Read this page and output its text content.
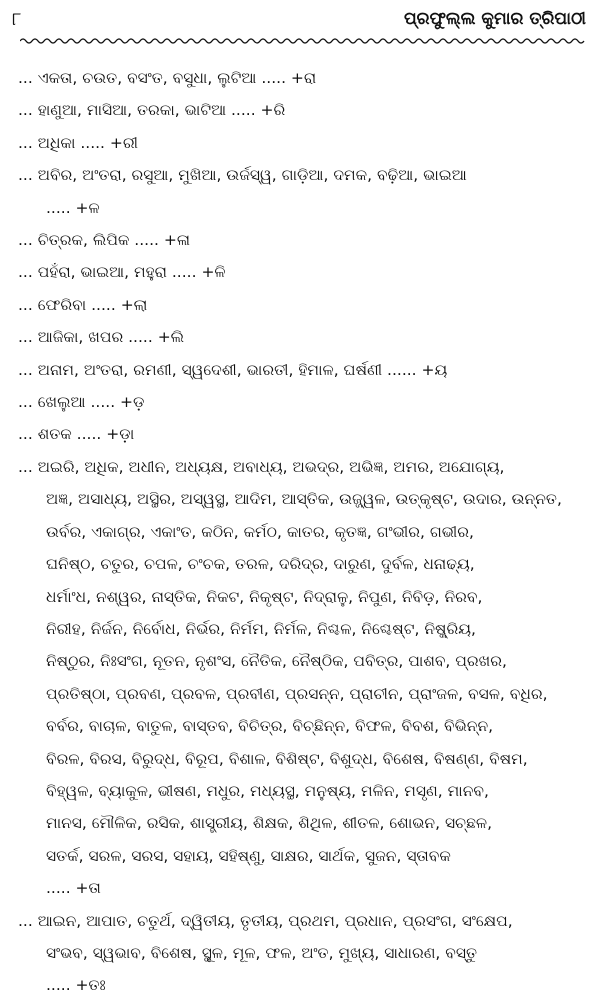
୮	ପ୍ରଫୁଲ୍ଲ କୁମାର ତ୍ରିପାଠୀ
... ଏକତା, ଚଉତ, ବସଂତ, ବସୁଧା, ଲୁଟିଆ ..... +ରା
... ହାଣୁଆ, ମାସିଆ, ତରକା, ଭାଟିଆ ..... +ରି
... ଅଧିକା ..... +ରୀ
... ଅବିର, ଅଂତରା, ରସୁଆ, ମୁଖିଆ, ଉର୍ଜସ୍ୱ, ଗାଡ଼ିଆ, ଦମକ, ବଢ଼ିଆ, ଭାଇଆ
..... +ଳ
... ଚିତ୍ରକ, ଲିପିକ ..... +ଳା
... ପହଁରା, ଭାଇଆ, ମହୁରା ..... +ଳି
... ଫେରିବା ..... +ଲା
... ଆଜିକା, ଖପର ..... +ଲି
... ଅନାମ, ଅଂତରା, ରମଣୀ, ସ୍ୱଦେଶୀ, ଭାରତୀ, ହିମାଳ, ଘର୍ଷଣୀ ...... +ୟ
... ଖେଲୁଆ ..... +ଡ଼
... ଶତକ ..... +ଡ଼ା
... ଅଇରି, ଅଧିକ, ଅଧୀନ, ଅଧ୍ୟକ୍ଷ, ଅବାଧ୍ୟ, ଅଭଦ୍ର, ଅଭିଜ୍ଞ, ଅମର, ଅଯୋଗ୍ୟ,
ଅଜ୍ଞ, ଅସାଧ୍ୟ, ଅସ୍ଥିର, ଅସ୍ୱସ୍ଥ, ଆଦିମ, ଆସ୍ତିକ, ଉଜ୍ଜ୍ୱଳ, ଉତ୍କୃଷ୍ଟ, ଉଦାର, ଉନ୍ନତ,
ଉର୍ବର, ଏକାଗ୍ର, ଏକାଂତ, କଠିନ, କର୍ମଠ, କାତର, କୃତଜ୍ଞ, ଗଂଭୀର, ଗଭୀର,
ଘନିଷ୍ଠ, ଚତୁର, ଚପଳ, ଚଂଚକ, ତରଳ, ଦରିଦ୍ର, ଦାରୁଣ, ଦୁର୍ବଳ, ଧନାଢ୍ୟ,
ଧର୍ମାଂଧ, ନଶ୍ୱର, ନାସ୍ତିକ, ନିକଟ, ନିକୃଷ୍ଟ, ନିଦ୍ରାଳୁ, ନିପୁଣ, ନିବିଡ଼, ନିରବ,
ନିରୀହ, ନିର୍ଜନ, ନିର୍ବୋଧ, ନିର୍ଭର, ନିର୍ମମ, ନିର୍ମଳ, ନିଶ୍ଚଳ, ନିଶ୍ଚେଷ୍ଟ, ନିଷ୍କ୍ରିୟ,
ନିଷ୍ଠୁର, ନିଃସଂଗ, ନୂତନ, ନୃଶଂସ, ନୈତିକ, ନୈଷ୍ଠିକ, ପବିତ୍ର, ପାଶବ, ପ୍ରଖର,
ପ୍ରତିଷ୍ଠା, ପ୍ରବଣ, ପ୍ରବଳ, ପ୍ରବୀଣ, ପ୍ରସନ୍ନ, ପ୍ରାଚୀନ, ପ୍ରାଂଜଳ, ବସଳ, ବଧିର,
ବର୍ବର, ବାଚାଳ, ବାତୁଳ, ବାସ୍ତବ, ବିଚିତ୍ର, ବିଚ୍ଛିନ୍ନ, ବିଫଳ, ବିବଶ, ବିଭିନ୍ନ,
ବିରଳ, ବିରସ, ବିରୁଦ୍ଧ, ବିରୂପ, ବିଶାଳ, ବିଶିଷ୍ଟ, ବିଶୁଦ୍ଧ, ବିଶେଷ, ବିଷଣ୍ଣ, ବିଷମ,
ବିହ୍ୱଳ, ବ୍ୟାକୁଳ, ଭୀଷଣ, ମଧୁର, ମଧ୍ୟସ୍ଥ, ମନୁଷ୍ୟ, ମଳିନ, ମସୃଣ, ମାନବ,
ମାନସ, ମୌଳିକ, ରସିକ, ଶାସ୍ତ୍ରୀୟ, ଶିକ୍ଷକ, ଶିଥିଳ, ଶୀତଳ, ଶୋଭନ, ସଚ୍ଛଳ,
ସତର୍କ, ସରଳ, ସରସ, ସହାୟ, ସହିଷ୍ଣୁ, ସାକ୍ଷର, ସାର୍ଥକ, ସୁଜନ, ସ୍ତାବକ
..... +ତା
... ଆଇନ, ଆପାତ, ଚତୁର୍ଥ, ଦ୍ୱିତୀୟ, ତୃତୀୟ, ପ୍ରଥମ, ପ୍ରଧାନ, ପ୍ରସଂଗ, ସଂକ୍ଷେପ,
ସଂଭବ, ସ୍ୱଭାବ, ବିଶେଷ, ସ୍ଥୂଳ, ମୂଳ, ଫଳ, ଅଂତ, ମୁଖ୍ୟ, ସାଧାରଣ, ବସ୍ତୁ
..... +ତଃ
